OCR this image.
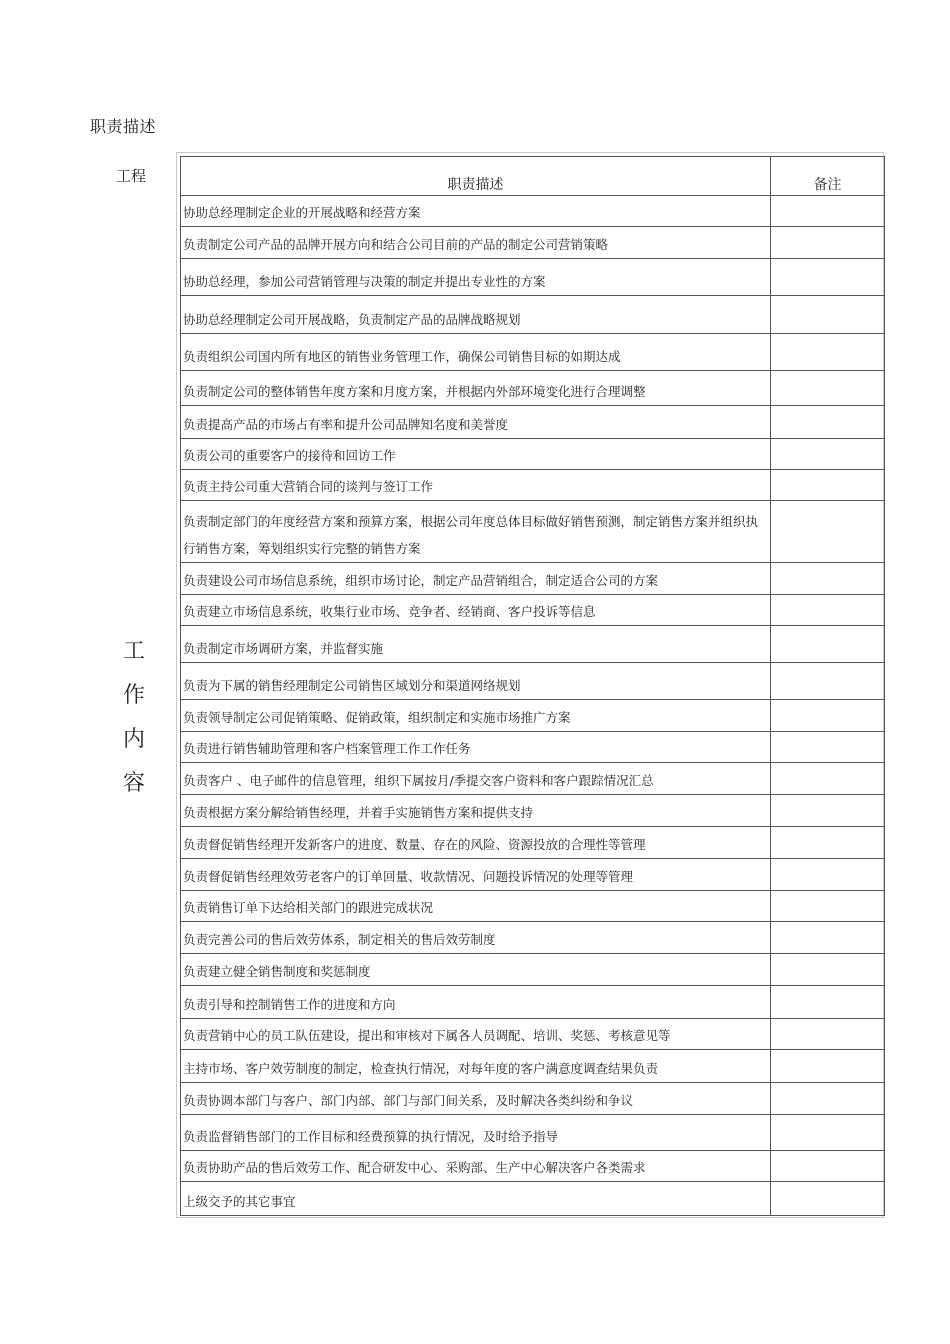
职责描述
工程
工
作
内
容
职责描述	备注
协助总经理制定企业的开展战略和经营方案	
负责制定公司产品的品牌开展方向和结合公司目前的产品的制定公司营销策略	
协助总经理，参加公司营销管理与决策的制定并提出专业性的方案	
协助总经理制定公司开展战略，负责制定产品的品牌战略规划	
负责组织公司国内所有地区的销售业务管理工作，确保公司销售目标的如期达成	
负责制定公司的整体销售年度方案和月度方案，并根据内外部环境变化进行合理调整	
负责提高产品的市场占有率和提升公司品牌知名度和美誉度	
负责公司的重要客户的接待和回访工作	
负责主持公司重大营销合同的谈判与签订工作	
负责制定部门的年度经营方案和预算方案，根据公司年度总体目标做好销售预测，制定销售方案并组织执行销售方案，筹划组织实行完整的销售方案	
负责建设公司市场信息系统，组织市场讨论，制定产品营销组合，制定适合公司的方案	
负责建立市场信息系统，收集行业市场、竞争者、经销商、客户投诉等信息	
负责制定市场调研方案，并监督实施	
负责为下属的销售经理制定公司销售区域划分和渠道网络规划	
负责领导制定公司促销策略、促销政策，组织制定和实施市场推广方案	
负责进行销售辅助管理和客户档案管理工作工作任务	
负责客户 、电子邮件的信息管理，组织下属按月/季提交客户资料和客户跟踪情况汇总	
负责根据方案分解给销售经理，并着手实施销售方案和提供支持	
负责督促销售经理开发新客户的进度、数量、存在的风险、资源投放的合理性等管理	
负责督促销售经理效劳老客户的订单回量、收款情况、问题投诉情况的处理等管理	
负责销售订单下达给相关部门的跟进完成状况	
负责完善公司的售后效劳体系，制定相关的售后效劳制度	
负责建立健全销售制度和奖惩制度	
负责引导和控制销售工作的进度和方向	
负责营销中心的员工队伍建设，提出和审核对下属各人员调配、培训、奖惩、考核意见等	
主持市场、客户效劳制度的制定，检查执行情况，对每年度的客户满意度调查结果负责	
负责协调本部门与客户、部门内部、部门与部门间关系，及时解决各类纠纷和争议	
负责监督销售部门的工作目标和经费预算的执行情况，及时给予指导	
负责协助产品的售后效劳工作、配合研发中心、采购部、生产中心解决客户各类需求	
上级交予的其它事宜	
